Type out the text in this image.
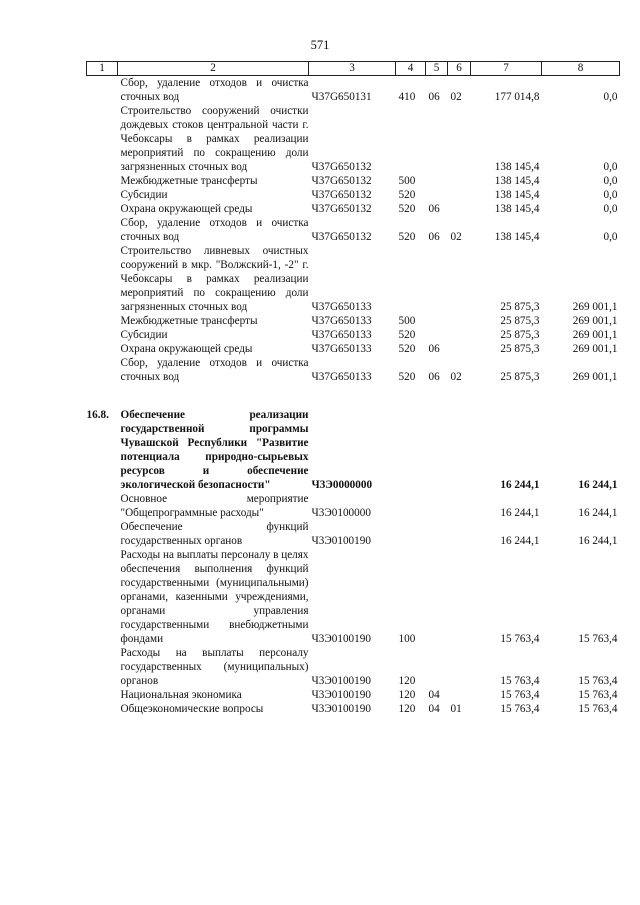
571
1	2	3	4	5	6	7	8
	Сбор, удаление отходов и очистка сточных вод	Ч37G650131	410	06	02	177 014,8	0,0
	Строительство сооружений очистки дождевых стоков центральной части г. Чебоксары в рамках реализации мероприятий по сокращению доли загрязненных сточных вод	Ч37G650132				138 145,4	0,0
	Межбюджетные трансферты	Ч37G650132	500			138 145,4	0,0
	Субсидии	Ч37G650132	520			138 145,4	0,0
	Охрана окружающей среды	Ч37G650132	520	06		138 145,4	0,0
	Сбор, удаление отходов и очистка сточных вод	Ч37G650132	520	06	02	138 145,4	0,0
	Строительство ливневых очистных сооружений в мкр. "Волжский-1, -2" г. Чебоксары в рамках реализации мероприятий по сокращению доли загрязненных сточных вод	Ч37G650133				25 875,3	269 001,1
	Межбюджетные трансферты	Ч37G650133	500			25 875,3	269 001,1
	Субсидии	Ч37G650133	520			25 875,3	269 001,1
	Охрана окружающей среды	Ч37G650133	520	06		25 875,3	269 001,1
	Сбор, удаление отходов и очистка сточных вод	Ч37G650133	520	06	02	25 875,3	269 001,1

16.8.	Обеспечение реализации государственной программы Чувашской Республики "Развитие потенциала природно-сырьевых ресурсов и обеспечение экологической безопасности"	Ч3Э0000000				16 244,1	16 244,1
	Основное мероприятие "Общепрограммные расходы"	Ч3Э0100000				16 244,1	16 244,1
	Обеспечение функций государственных органов	Ч3Э0100190				16 244,1	16 244,1
	Расходы на выплаты персоналу в целях обеспечения выполнения функций государственными (муниципальными) органами, казенными учреждениями, органами управления государственными внебюджетными фондами	Ч3Э0100190	100			15 763,4	15 763,4
	Расходы на выплаты персоналу государственных (муниципальных) органов	Ч3Э0100190	120			15 763,4	15 763,4
	Национальная экономика	Ч3Э0100190	120	04		15 763,4	15 763,4
	Общеэкономические вопросы	Ч3Э0100190	120	04	01	15 763,4	15 763,4
